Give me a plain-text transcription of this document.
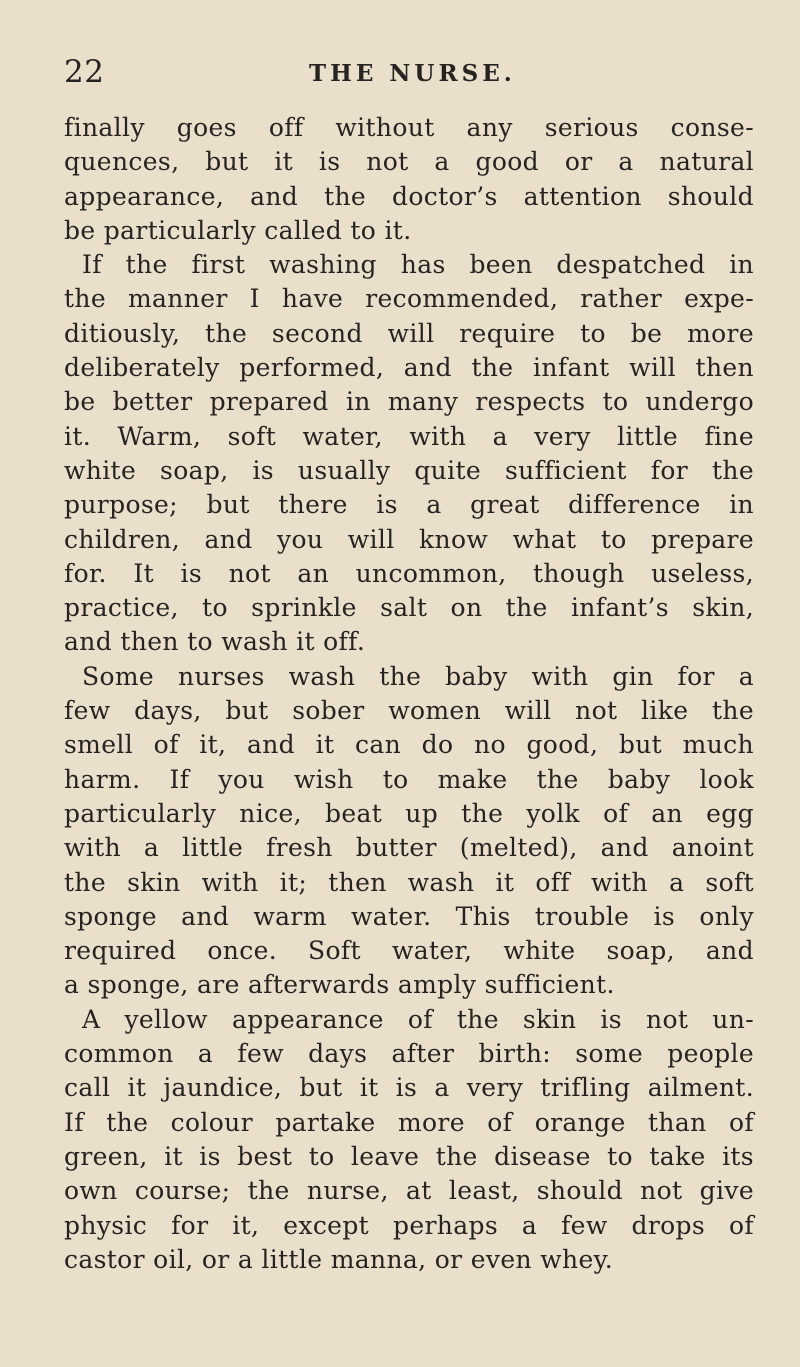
22	THE NURSE.
finally goes off without any serious conse-
quences, but it is not a good or a natural
appearance, and the doctor’s attention should
be particularly called to it.
If the first washing has been despatched in
the manner I have recommended, rather expe-
ditiously, the second will require to be more
deliberately performed, and the infant will then
be better prepared in many respects to undergo
it. Warm, soft water, with a very little fine
white soap, is usually quite sufficient for the
purpose; but there is a great difference in
children, and you will know what to prepare
for. It is not an uncommon, though useless,
practice, to sprinkle salt on the infant’s skin,
and then to wash it off.
Some nurses wash the baby with gin for a
few days, but sober women will not like the
smell of it, and it can do no good, but much
harm. If you wish to make the baby look
particularly nice, beat up the yolk of an egg
with a little fresh butter (melted), and anoint
the skin with it; then wash it off with a soft
sponge and warm water. This trouble is only
required once. Soft water, white soap, and
a sponge, are afterwards amply sufficient.
A yellow appearance of the skin is not un-
common a few days after birth: some people
call it jaundice, but it is a very trifling ailment.
If the colour partake more of orange than of
green, it is best to leave the disease to take its
own course; the nurse, at least, should not give
physic for it, except perhaps a few drops of
castor oil, or a little manna, or even whey.
